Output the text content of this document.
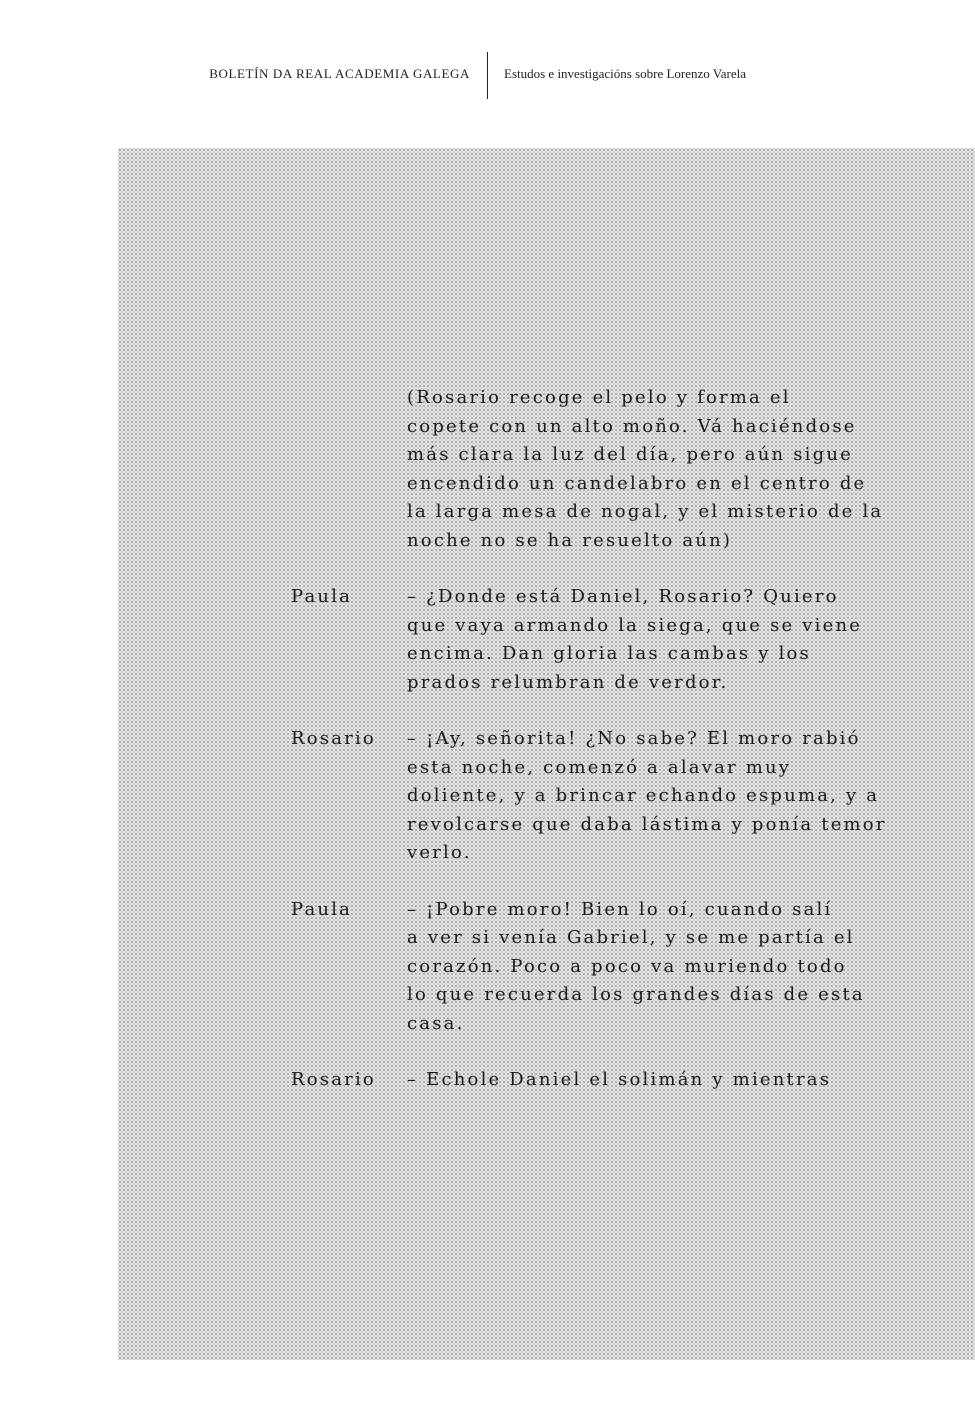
BOLETÍN DA REAL ACADEMIA GALEGA	Estudos e investigacións sobre Lorenzo Varela
(Rosario recoge el pelo y forma el
copete con un alto moño. Vá haciéndose
más clara la luz del día, pero aún sigue
encendido un candelabro en el centro de
la larga mesa de nogal, y el misterio de la
noche no se ha resuelto aún)
Paula	– ¿Donde está Daniel, Rosario? Quiero
que vaya armando la siega, que se viene
encima. Dan gloria las cambas y los
prados relumbran de verdor.
Rosario – ¡Ay, señorita! ¿No sabe? El moro rabió
esta noche, comenzó a alavar muy
doliente, y a brincar echando espuma, y a
revolcarse que daba lástima y ponía temor
verlo.
Paula	– ¡Pobre moro! Bien lo oí, cuando salí
a ver si venía Gabriel, y se me partía el
corazón. Poco a poco va muriendo todo
lo que recuerda los grandes días de esta
casa.
Rosario – Echole Daniel el solimán y mientras
